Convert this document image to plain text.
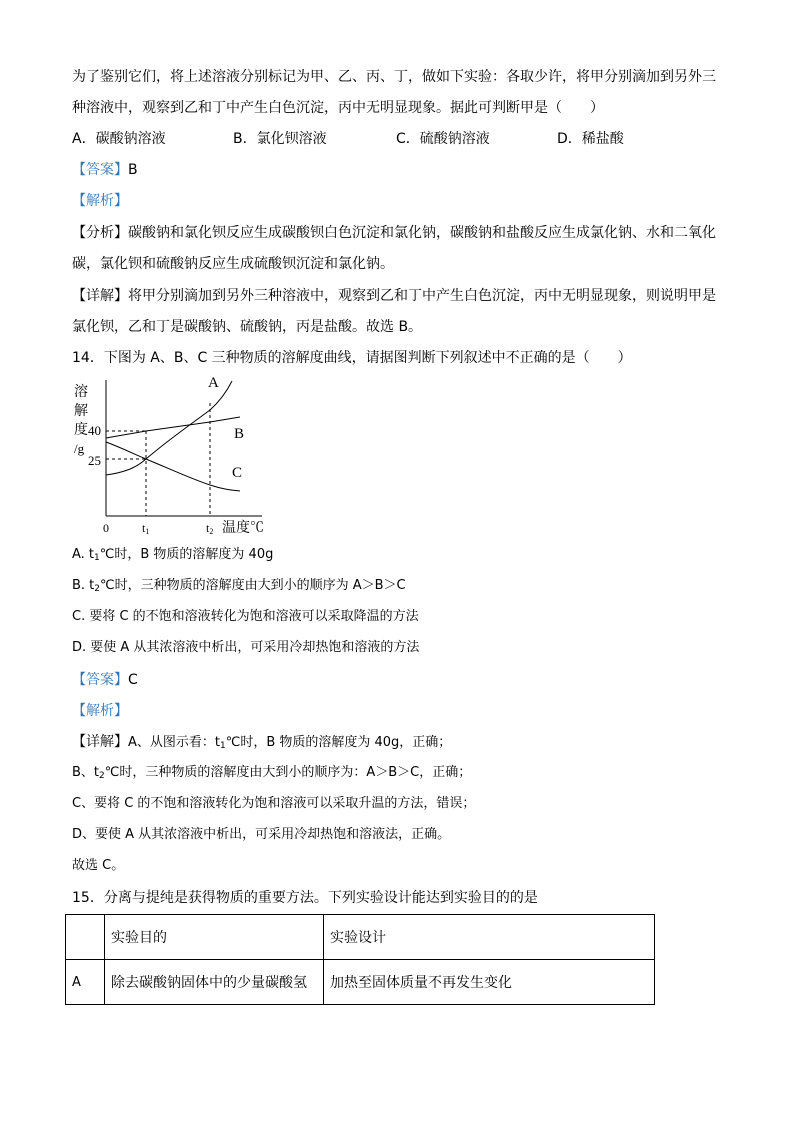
为了鉴别它们，将上述溶液分别标记为甲、乙、丙、丁，做如下实验：各取少许，将甲分别滴加到另外三
种溶液中，观察到乙和丁中产生白色沉淀，丙中无明显现象。据此可判断甲是（　　）
A．碳酸钠溶液	B．氯化钡溶液	C．硫酸钠溶液	D．稀盐酸
【答案】B
【解析】
【分析】碳酸钠和氯化钡反应生成碳酸钡白色沉淀和氯化钠，碳酸钠和盐酸反应生成氯化钠、水和二氧化
碳，氯化钡和硫酸钠反应生成硫酸钡沉淀和氯化钠。
【详解】将甲分别滴加到另外三种溶液中，观察到乙和丁中产生白色沉淀，丙中无明显现象，则说明甲是
氯化钡，乙和丁是碳酸钠、硫酸钠，丙是盐酸。故选 B。
14．下图为 A、B、C 三种物质的溶解度曲线，请据图判断下列叙述中不正确的是（　　）
溶
解
度
/g
40
25
0	t1	t2 温度℃
A
B
C
A. $t_1℃$时，B 物质的溶解度为 40g
B. $t_2℃$时，三种物质的溶解度由大到小的顺序为 A＞B＞C
C. 要将 C 的不饱和溶液转化为饱和溶液可以采取降温的方法
D. 要使 A 从其浓溶液中析出，可采用冷却热饱和溶液的方法
【答案】C
【解析】
【详解】A、从图示看：$t_1℃$时，B 物质的溶解度为 40g，正确；
B、$t_2℃$时，三种物质的溶解度由大到小的顺序为：A＞B＞C，正确；
C、要将 C 的不饱和溶液转化为饱和溶液可以采取升温的方法，错误；
D、要使 A 从其浓溶液中析出，可采用冷却热饱和溶液法，正确。
故选 C。
15．分离与提纯是获得物质的重要方法。下列实验设计能达到实验目的的是
	实验目的	实验设计
A	除去碳酸钠固体中的少量碳酸氢	加热至固体质量不再发生变化
